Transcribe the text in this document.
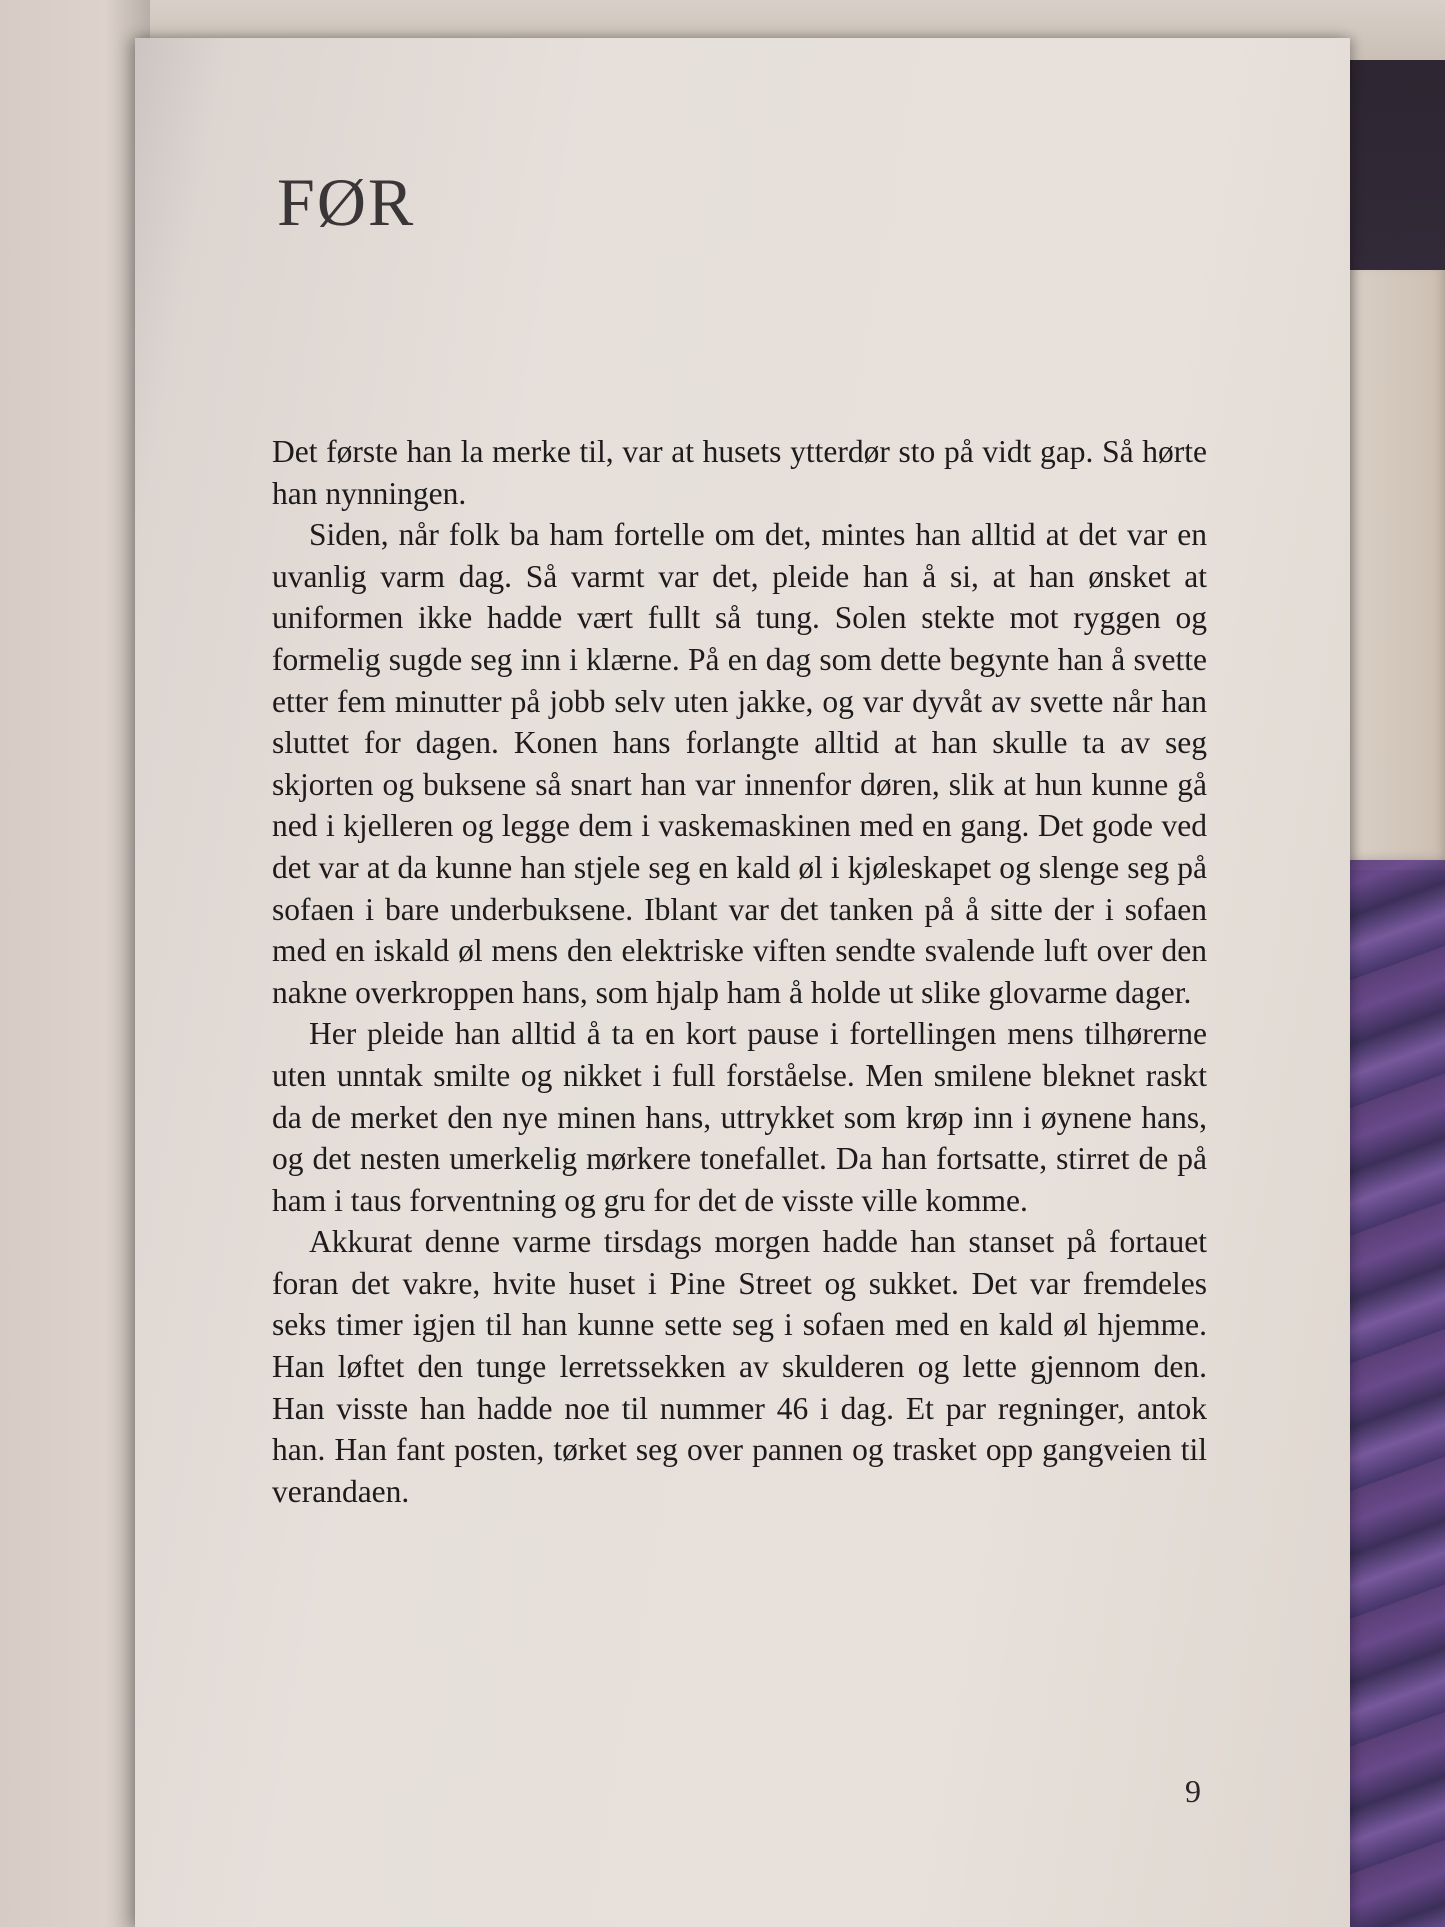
FØR

Det første han la merke til, var at husets ytterdør sto på vidt gap. Så hørte han nynningen.

Siden, når folk ba ham fortelle om det, mintes han alltid at det var en uvanlig varm dag. Så varmt var det, pleide han å si, at han ønsket at uniformen ikke hadde vært fullt så tung. Solen stekte mot ryggen og formelig sugde seg inn i klærne. På en dag som dette begynte han å svette etter fem minutter på jobb selv uten jakke, og var dyvåt av svette når han sluttet for dagen. Konen hans forlangte alltid at han skulle ta av seg skjorten og buksene så snart han var innenfor døren, slik at hun kunne gå ned i kjelleren og legge dem i vaskemaskinen med en gang. Det gode ved det var at da kunne han stjele seg en kald øl i kjøleskapet og slenge seg på sofaen i bare underbuksene. Iblant var det tanken på å sitte der i sofaen med en iskald øl mens den elektriske viften sendte svalende luft over den nakne overkroppen hans, som hjalp ham å holde ut slike glovarme dager.

Her pleide han alltid å ta en kort pause i fortellingen mens tilhørerne uten unntak smilte og nikket i full forståelse. Men smilene bleknet raskt da de merket den nye minen hans, uttrykket som krøp inn i øynene hans, og det nesten umerkelig mørkere tonefallet. Da han fortsatte, stirret de på ham i taus forventning og gru for det de visste ville komme.

Akkurat denne varme tirsdags morgen hadde han stanset på fortauet foran det vakre, hvite huset i Pine Street og sukket. Det var fremdeles seks timer igjen til han kunne sette seg i sofaen med en kald øl hjemme. Han løftet den tunge lerretssekken av skulderen og lette gjennom den. Han visste han hadde noe til nummer 46 i dag. Et par regninger, antok han. Han fant posten, tørket seg over pannen og trasket opp gangveien til verandaen.

9
